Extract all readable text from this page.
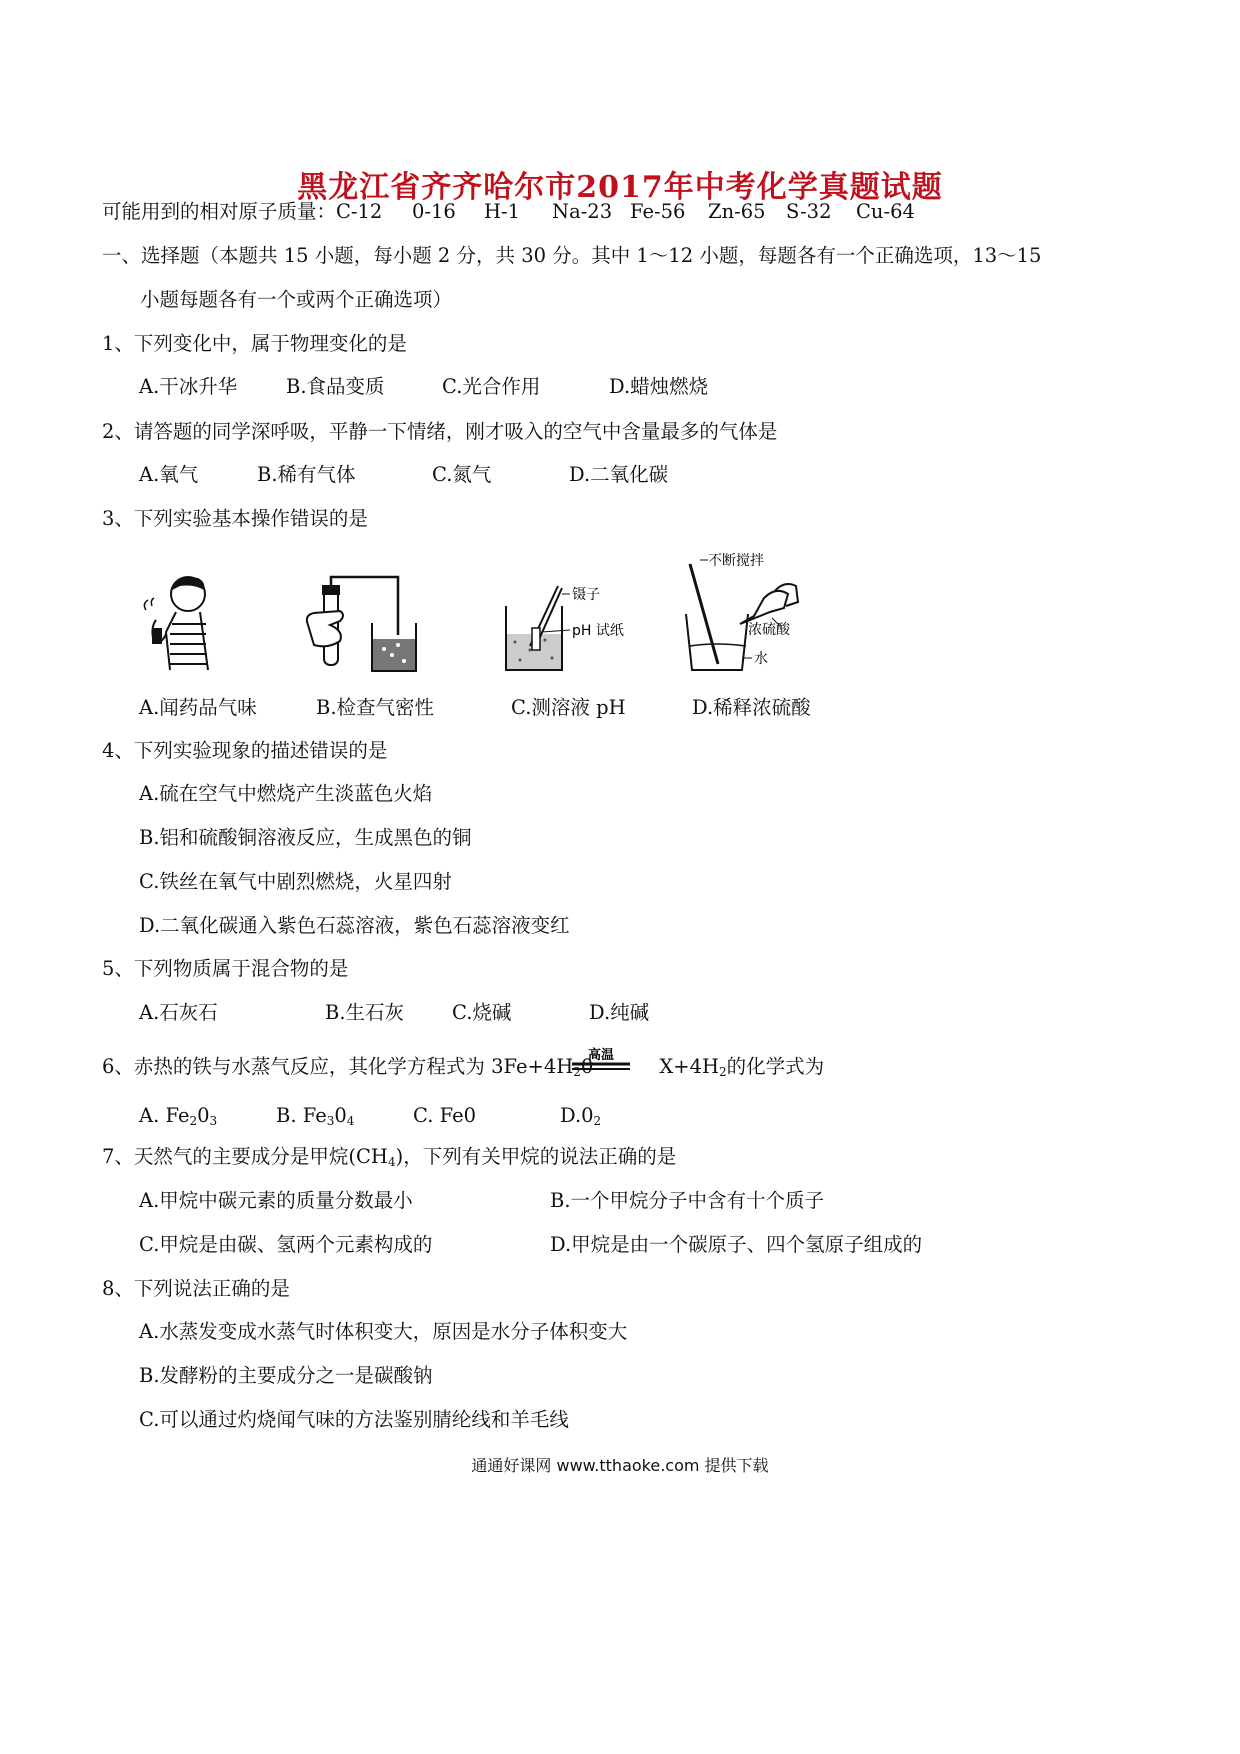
黑龙江省齐齐哈尔市2017年中考化学真题试题
可能用到的相对原子质量：C-12 0-16 H-1 Na-23 Fe-56 Zn-65 S-32 Cu-64
一、选择题（本题共 15 小题，每小题 2 分，共 30 分。其中 1～12 小题，每题各有一个正确选项，13～15
小题每题各有一个或两个正确选项）
1、下列变化中，属于物理变化的是
A.干冰升华 B.食品变质	C.光合作用	D.蜡烛燃烧
2、请答题的同学深呼吸，平静一下情绪，刚才吸入的空气中含量最多的气体是
A.氧气	B.稀有气体	C.氮气	D.二氧化碳
3、下列实验基本操作错误的是
镊子
pH 试纸
不断搅拌
浓硫酸
水
A.闻药品气味	B.检查气密性	C.测溶液 pH	D.稀释浓硫酸
4、下列实验现象的描述错误的是
A.硫在空气中燃烧产生淡蓝色火焰
B.铝和硫酸铜溶液反应，生成黑色的铜
C.铁丝在氧气中剧烈燃烧，火星四射
D.二氧化碳通入紫色石蕊溶液，紫色石蕊溶液变红
5、下列物质属于混合物的是
A.石灰石	B.生石灰 C.烧碱	D.纯碱
6、赤热的铁与水蒸气反应，其化学方程式为 $3Fe+4H_20$	$X+4H_2$的化学式为
高温
A. $Fe_20_3$	B. $Fe_30_4$	C. Fe0	$D.0_2$
7、天然气的主要成分是甲烷$(CH_4)$，下列有关甲烷的说法正确的是
A.甲烷中碳元素的质量分数最小	B.一个甲烷分子中含有十个质子
C.甲烷是由碳、氢两个元素构成的	D.甲烷是由一个碳原子、四个氢原子组成的
8、下列说法正确的是
A.水蒸发变成水蒸气时体积变大，原因是水分子体积变大
B.发酵粉的主要成分之一是碳酸钠
C.可以通过灼烧闻气味的方法鉴别腈纶线和羊毛线
通通好课网 www.tthaoke.com 提供下载
